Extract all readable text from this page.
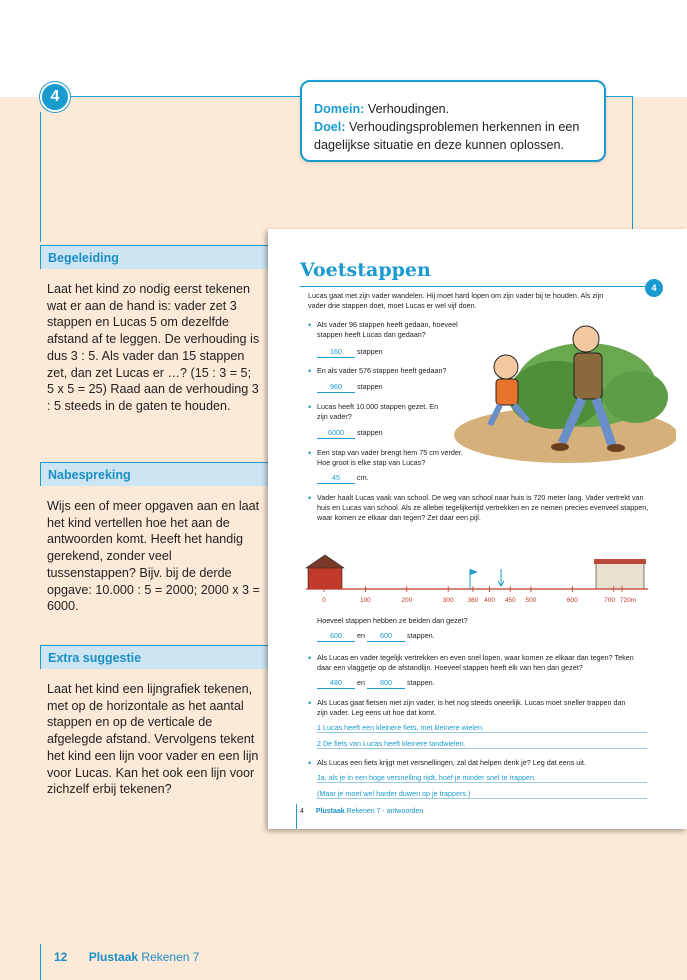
4
Domein: Verhoudingen.
Doel: Verhoudingsproblemen herkennen in een dagelijkse situatie en deze kunnen oplossen.
Begeleiding
Laat het kind zo nodig eerst tekenen wat er aan de hand is: vader zet 3 stappen en Lucas 5 om dezelfde afstand af te leggen. De verhouding is dus 3 : 5. Als vader dan 15 stappen zet, dan zet Lucas er …? (15 : 3 = 5; 5 x 5 = 25) Raad aan de verhouding 3 : 5 steeds in de gaten te houden.
Nabespreking
Wijs een of meer opgaven aan en laat het kind vertellen hoe het aan de antwoorden komt. Heeft het handig gerekend, zonder veel tussenstappen? Bijv. bij de derde opgave: 10.000 : 5 = 2000; 2000 x 3 = 6000.
Extra suggestie
Laat het kind een lijngrafiek tekenen, met op de horizontale as het aantal stappen en op de verticale de afgelegde afstand. Vervolgens tekent het kind een lijn voor vader en een lijn voor Lucas. Kan het ook een lijn voor zichzelf erbij tekenen?
12 Plustaak Rekenen 7
Voetstappen
4
Lucas gaat met zijn vader wandelen. Hij moet hard lopen om zijn vader bij te houden. Als zijn vader drie stappen doet, moet Lucas er wel vijf doen.
• Als vader 96 stappen heeft gedaan, hoeveel stappen heeft Lucas dan gedaan?
160 stappen
• En als vader 576 stappen heeft gedaan?
960 stappen
• Lucas heeft 10.000 stappen gezet. En zijn vader?
6000 stappen
• Een stap van vader brengt hem 75 cm verder. Hoe groot is elke stap van Lucas?
45 cm.
• Vader haalt Lucas vaak van school. De weg van school naar huis is 720 meter lang. Vader vertrekt van huis en Lucas van school. Als ze allebei tegelijkertijd vertrekken en ze nemen precies evenveel stappen, waar komen ze elkaar dan tegen? Zet daar een pijl.
0	100	200	300 360 400 450 500	600	700 720m
Hoeveel stappen hebben ze beiden dan gezet?
600 en 600 stappen.
• Als Lucas en vader tegelijk vertrekken en even snel lopen, waar komen ze elkaar dan tegen? Teken daar een vlaggetje op de afstandlijn. Hoeveel stappen heeft elk van hen dan gezet?
480 en 800 stappen.
• Als Lucas gaat fietsen met zijn vader, is het nog steeds oneerlijk. Lucas moet sneller trappen dan zijn vader. Leg eens uit hoe dat komt.
1 Lucas heeft een kleinere fiets, met kleinere wielen.
2 De fiets van Lucas heeft kleinere tandwielen.
• Als Lucas een fiets krijgt met versnellingen, zal dat helpen denk je? Leg dat eens uit.
Ja, als je in een hoge versnelling rijdt, hoef je minder snel te trappen.
(Maar je moet wel harder duwen op je trappers.)
4 Plustaak Rekenen 7 - antwoorden
